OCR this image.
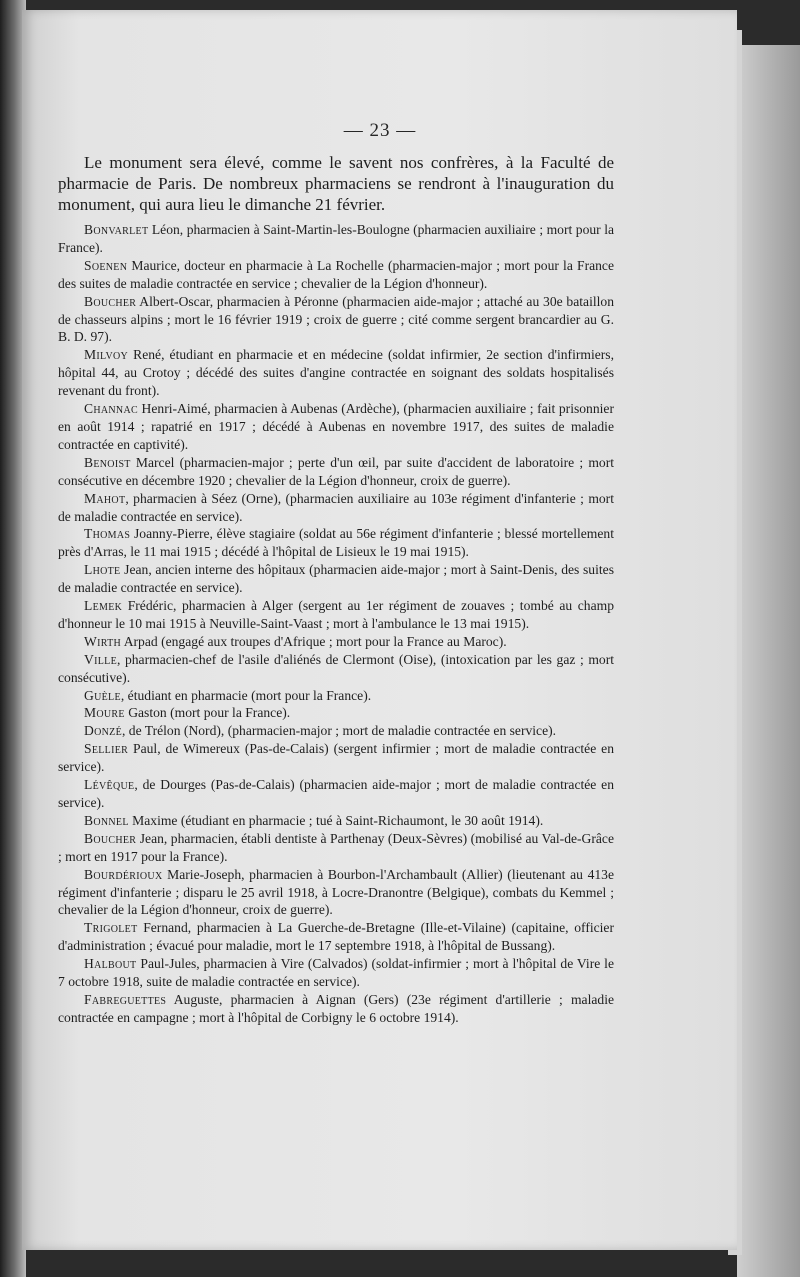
— 23 —

Le monument sera élevé, comme le savent nos confrères, à la Faculté de pharmacie de Paris. De nombreux pharmaciens se rendront à l'inauguration du monument, qui aura lieu le dimanche 21 février.

Bonvarlet Léon, pharmacien à Saint-Martin-les-Boulogne (pharmacien auxiliaire ; mort pour la France).

Soenen Maurice, docteur en pharmacie à La Rochelle (pharmacien-major ; mort pour la France des suites de maladie contractée en service ; chevalier de la Légion d'honneur).

Boucher Albert-Oscar, pharmacien à Péronne (pharmacien aide-major ; attaché au 30e bataillon de chasseurs alpins ; mort le 16 février 1919 ; croix de guerre ; cité comme sergent brancardier au G. B. D. 97).

Milvoy René, étudiant en pharmacie et en médecine (soldat infirmier, 2e section d'infirmiers, hôpital 44, au Crotoy ; décédé des suites d'angine contractée en soignant des soldats hospitalisés revenant du front).

Channac Henri-Aimé, pharmacien à Aubenas (Ardèche), (pharmacien auxiliaire ; fait prisonnier en août 1914 ; rapatrié en 1917 ; décédé à Aubenas en novembre 1917, des suites de maladie contractée en captivité).

Benoist Marcel (pharmacien-major ; perte d'un œil, par suite d'accident de laboratoire ; mort consécutive en décembre 1920 ; chevalier de la Légion d'honneur, croix de guerre).

Mahot, pharmacien à Séez (Orne), (pharmacien auxiliaire au 103e régiment d'infanterie ; mort de maladie contractée en service).

Thomas Joanny-Pierre, élève stagiaire (soldat au 56e régiment d'infanterie ; blessé mortellement près d'Arras, le 11 mai 1915 ; décédé à l'hôpital de Lisieux le 19 mai 1915).

Lhote Jean, ancien interne des hôpitaux (pharmacien aide-major ; mort à Saint-Denis, des suites de maladie contractée en service).

Lemek Frédéric, pharmacien à Alger (sergent au 1er régiment de zouaves ; tombé au champ d'honneur le 10 mai 1915 à Neuville-Saint-Vaast ; mort à l'ambulance le 13 mai 1915).

Wirth Arpad (engagé aux troupes d'Afrique ; mort pour la France au Maroc).

Ville, pharmacien-chef de l'asile d'aliénés de Clermont (Oise), (intoxication par les gaz ; mort consécutive).

Guèle, étudiant en pharmacie (mort pour la France).

Moure Gaston (mort pour la France).

Donzé, de Trélon (Nord), (pharmacien-major ; mort de maladie contractée en service).

Sellier Paul, de Wimereux (Pas-de-Calais) (sergent infirmier ; mort de maladie contractée en service).

Lévêque, de Dourges (Pas-de-Calais) (pharmacien aide-major ; mort de maladie contractée en service).

Bonnel Maxime (étudiant en pharmacie ; tué à Saint-Richaumont, le 30 août 1914).

Boucher Jean, pharmacien, établi dentiste à Parthenay (Deux-Sèvres) (mobilisé au Val-de-Grâce ; mort en 1917 pour la France).

Bourdérioux Marie-Joseph, pharmacien à Bourbon-l'Archambault (Allier) (lieutenant au 413e régiment d'infanterie ; disparu le 25 avril 1918, à Locre-Dranontre (Belgique), combats du Kemmel ; chevalier de la Légion d'honneur, croix de guerre).

Trigolet Fernand, pharmacien à La Guerche-de-Bretagne (Ille-et-Vilaine) (capitaine, officier d'administration ; évacué pour maladie, mort le 17 septembre 1918, à l'hôpital de Bussang).

Halbout Paul-Jules, pharmacien à Vire (Calvados) (soldat-infirmier ; mort à l'hôpital de Vire le 7 octobre 1918, suite de maladie contractée en service).

Fabreguettes Auguste, pharmacien à Aignan (Gers) (23e régiment d'artillerie ; maladie contractée en campagne ; mort à l'hôpital de Corbigny le 6 octobre 1914).
